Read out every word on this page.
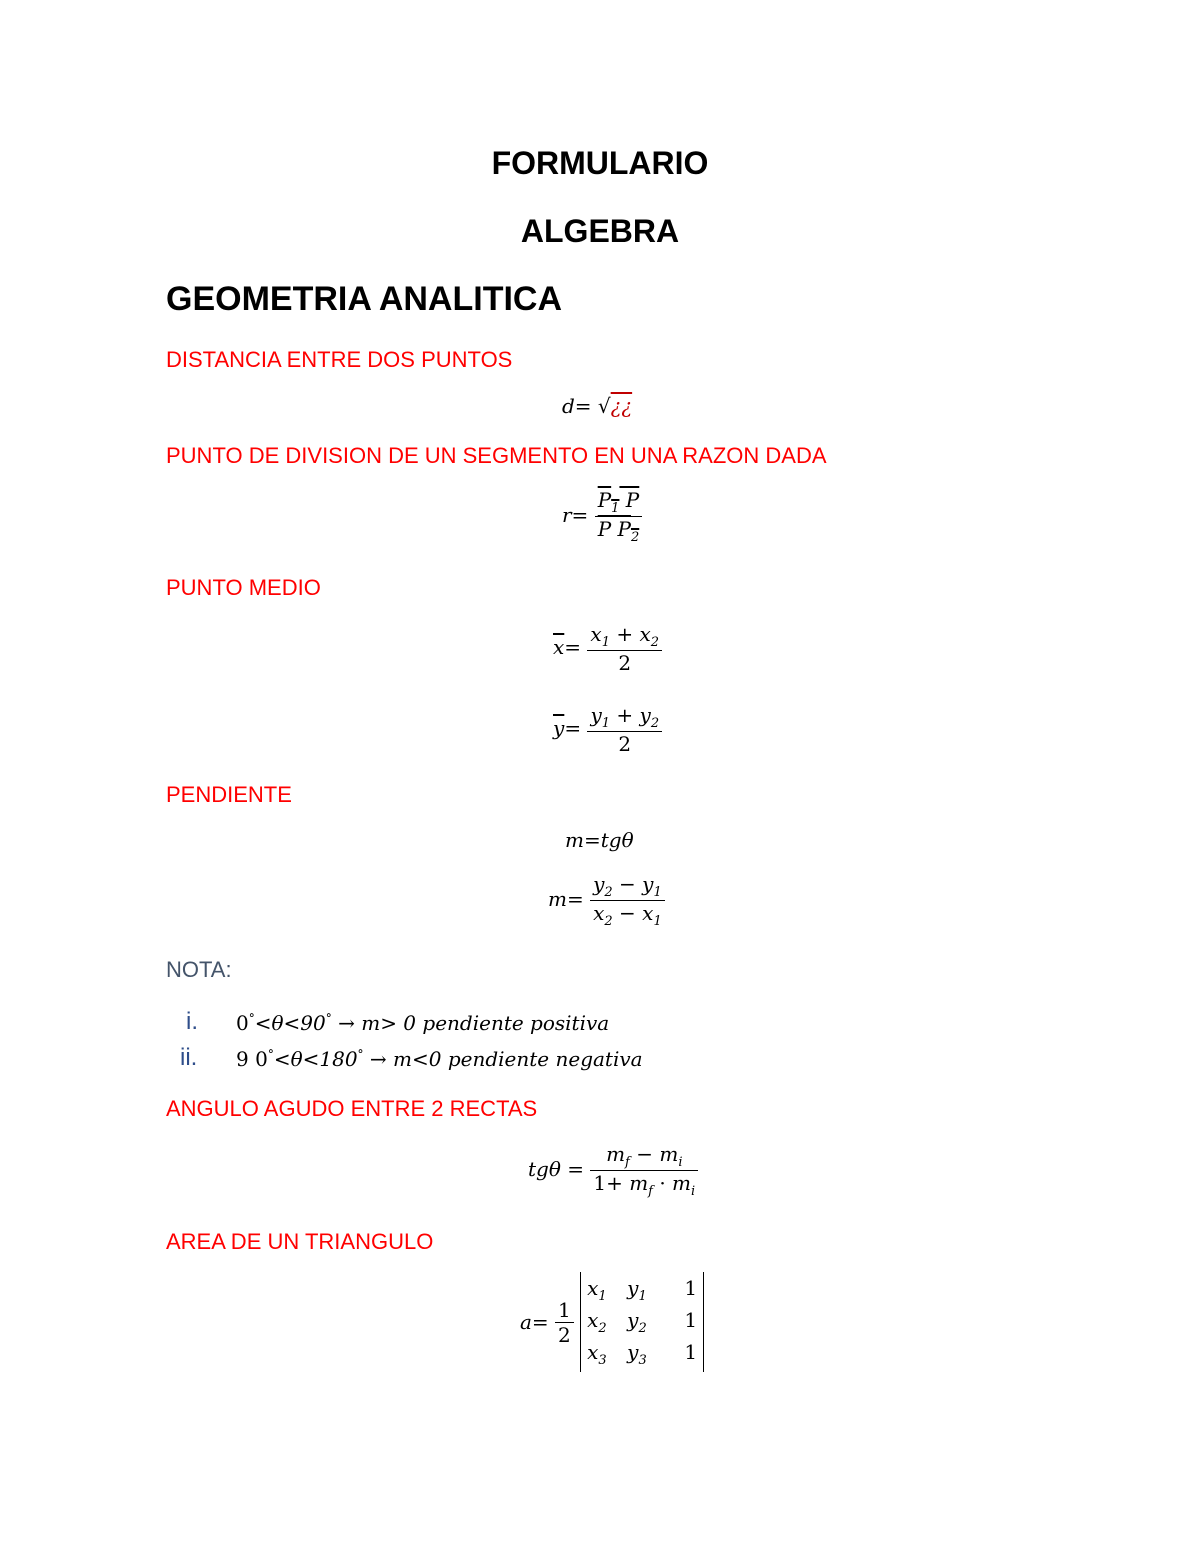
FORMULARIO
ALGEBRA
GEOMETRIA ANALITICA
DISTANCIA ENTRE DOS PUNTOS
d= √¿¿
PUNTO DE DIVISION DE UN SEGMENTO EN UNA RAZON DADA
$r= \frac{P_1 P}{P P_2}$
PUNTO MEDIO
$\overline{x}= \frac{x_1 + x_2}{2}$
$\overline{y}= \frac{y_1 + y_2}{2}$
PENDIENTE
m=tgθ
$m= \frac{y_2 - y_1}{x_2 - x_1}$
NOTA:
i. 0°<θ<90° → m> 0 pendiente positiva
ii. 9 0°<θ<180° → m<0 pendiente negativa
ANGULO AGUDO ENTRE 2 RECTAS
$tg\theta = \frac{m_f - m_i}{1+ m_f \cdot m_i}$
AREA DE UN TRIANGULO
$a= \frac{1}{2}$

$x_1$	$y_1$	1
$x_2$	$y_2$	1
$x_3$	$y_3$	1
